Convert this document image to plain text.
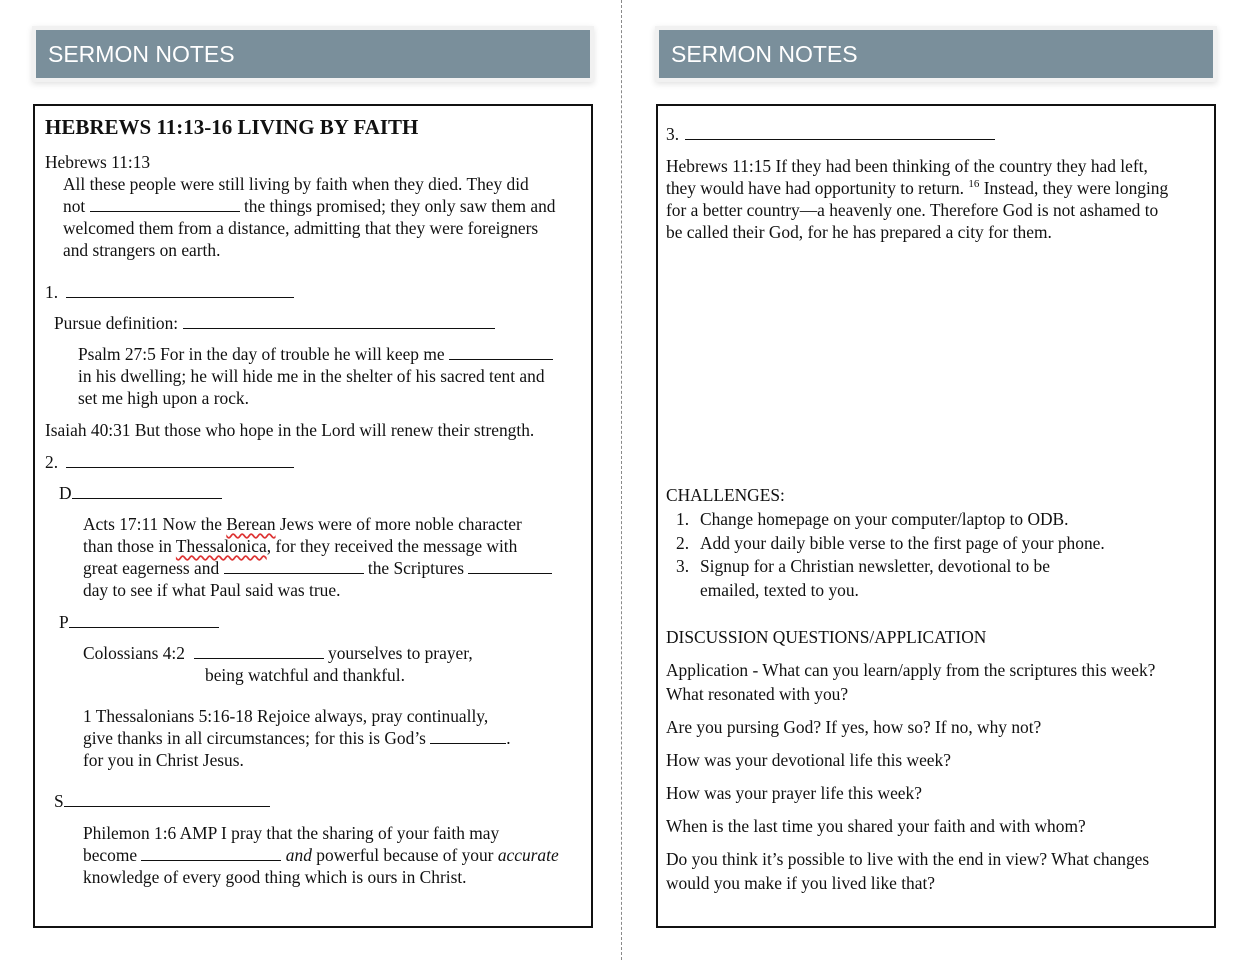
SERMON NOTES	SERMON NOTES
HEBREWS 11:13-16 LIVING BY FAITH
Hebrews 11:13
All these people were still living by faith when they died. They did
not	the things promised; they only saw them and
welcomed them from a distance, admitting that they were foreigners
and strangers on earth.
1.
Pursue definition:
Psalm 27:5 For in the day of trouble he will keep me
in his dwelling; he will hide me in the shelter of his sacred tent and
set me high upon a rock.
Isaiah 40:31 But those who hope in the Lord will renew their strength.
2.
D
Acts 17:11 Now the Berean Jews were of more noble character
than those in Thessalonica, for they received the message with
great eagerness and	the Scriptures
day to see if what Paul said was true.
P
Colossians 4:2	yourselves to prayer,
being watchful and thankful.
1 Thessalonians 5:16-18 Rejoice always, pray continually,
give thanks in all circumstances; for this is God’s	.
for you in Christ Jesus.
S
Philemon 1:6 AMP I pray that the sharing of your faith may
become	and powerful because of your accurate
knowledge of every good thing which is ours in Christ.
3.
Hebrews 11:15 If they had been thinking of the country they had left,
they would have had opportunity to return. $^{16}$ Instead, they were longing
for a better country—a heavenly one. Therefore God is not ashamed to
be called their God, for he has prepared a city for them.
CHALLENGES:
1. Change homepage on your computer/laptop to ODB.
2. Add your daily bible verse to the first page of your phone.
3. Signup for a Christian newsletter, devotional to be
emailed, texted to you.
DISCUSSION QUESTIONS/APPLICATION
Application - What can you learn/apply from the scriptures this week?
What resonated with you?
Are you pursing God? If yes, how so? If no, why not?
How was your devotional life this week?
How was your prayer life this week?
When is the last time you shared your faith and with whom?
Do you think it’s possible to live with the end in view? What changes
would you make if you lived like that?
